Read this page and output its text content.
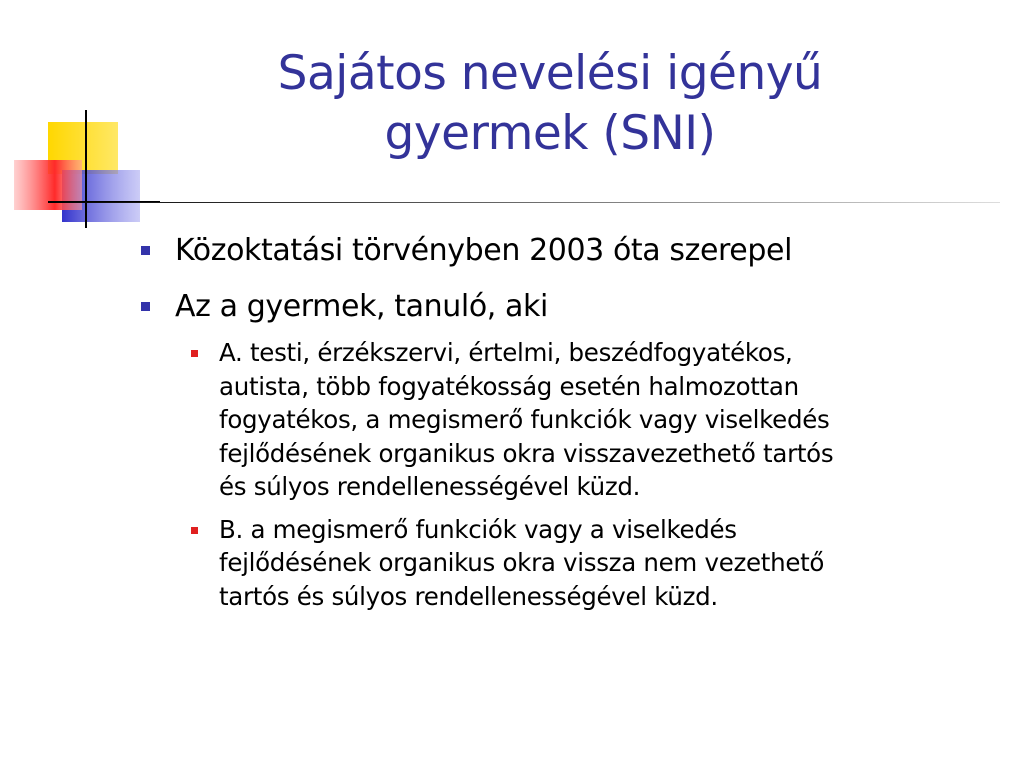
Sajátos nevelési igényű
gyermek (SNI)
Közoktatási törvényben 2003 óta szerepel
Az a gyermek, tanuló, aki
A. testi, érzékszervi, értelmi, beszédfogyatékos,
autista, több fogyatékosság esetén halmozottan
fogyatékos, a megismerő funkciók vagy viselkedés
fejlődésének organikus okra visszavezethető tartós
és súlyos rendellenességével küzd.
B. a megismerő funkciók vagy a viselkedés
fejlődésének organikus okra vissza nem vezethető
tartós és súlyos rendellenességével küzd.
